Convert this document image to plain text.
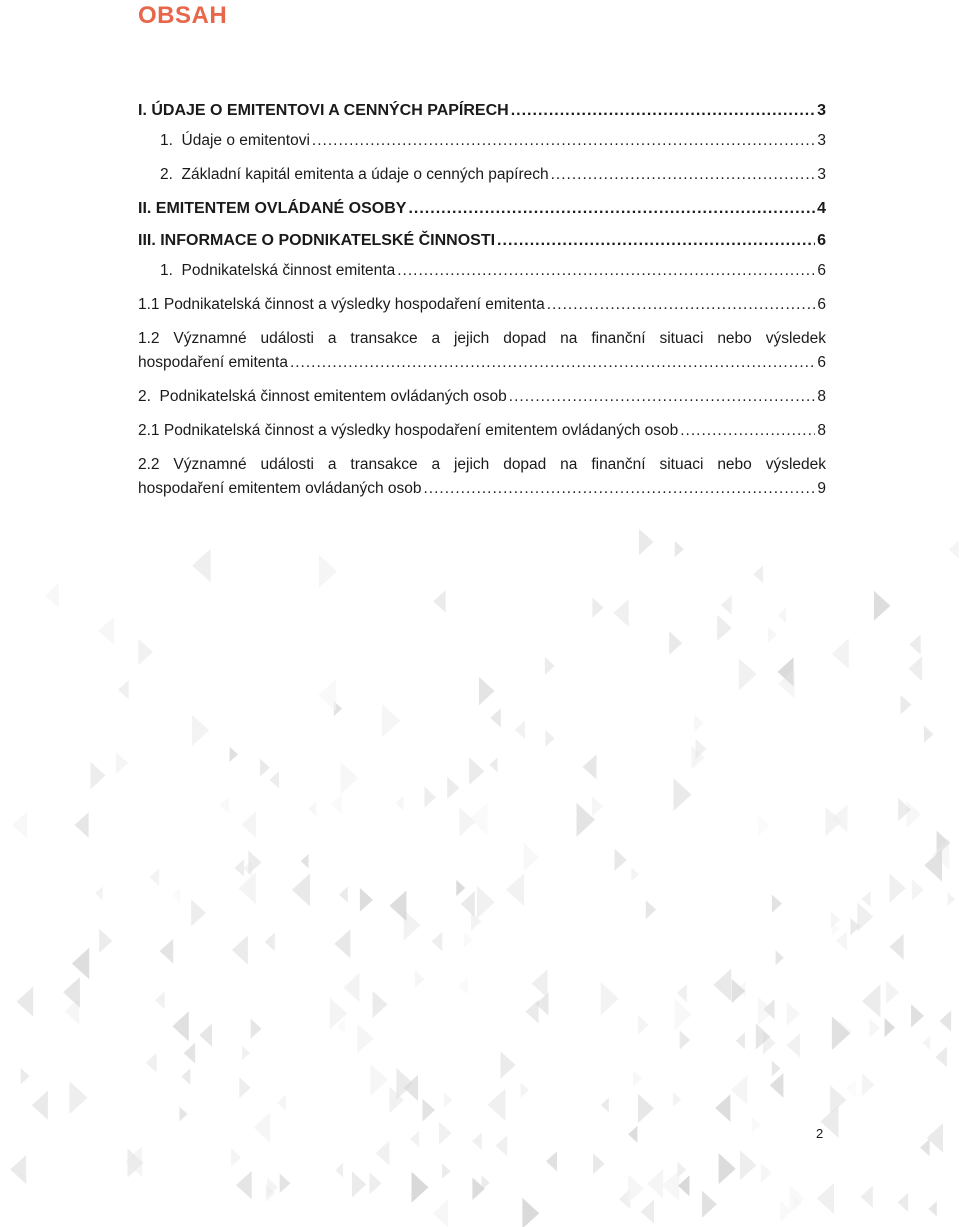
OBSAH
I. ÚDAJE O EMITENTOVI A CENNÝCH PAPÍRECH .....	3
1.  Údaje o emitentovi .....	3
2.  Základní kapitál emitenta a údaje o cenných papírech .....	3
II. EMITENTEM OVLÁDANÉ OSOBY .....	4
III. INFORMACE O PODNIKATELSKÉ ČINNOSTI .....	6
1.  Podnikatelská činnost emitenta .....	6
1.1 Podnikatelská činnost a výsledky hospodaření emitenta .....	6
1.2 Významné události a transakce a jejich dopad na finanční situaci nebo výsledek
hospodaření emitenta .....	6
2.  Podnikatelská činnost emitentem ovládaných osob .....	8
2.1 Podnikatelská činnost a výsledky hospodaření emitentem ovládaných osob .....	8
2.2 Významné události a transakce a jejich dopad na finanční situaci nebo výsledek
hospodaření emitentem ovládaných osob .....	9
2
